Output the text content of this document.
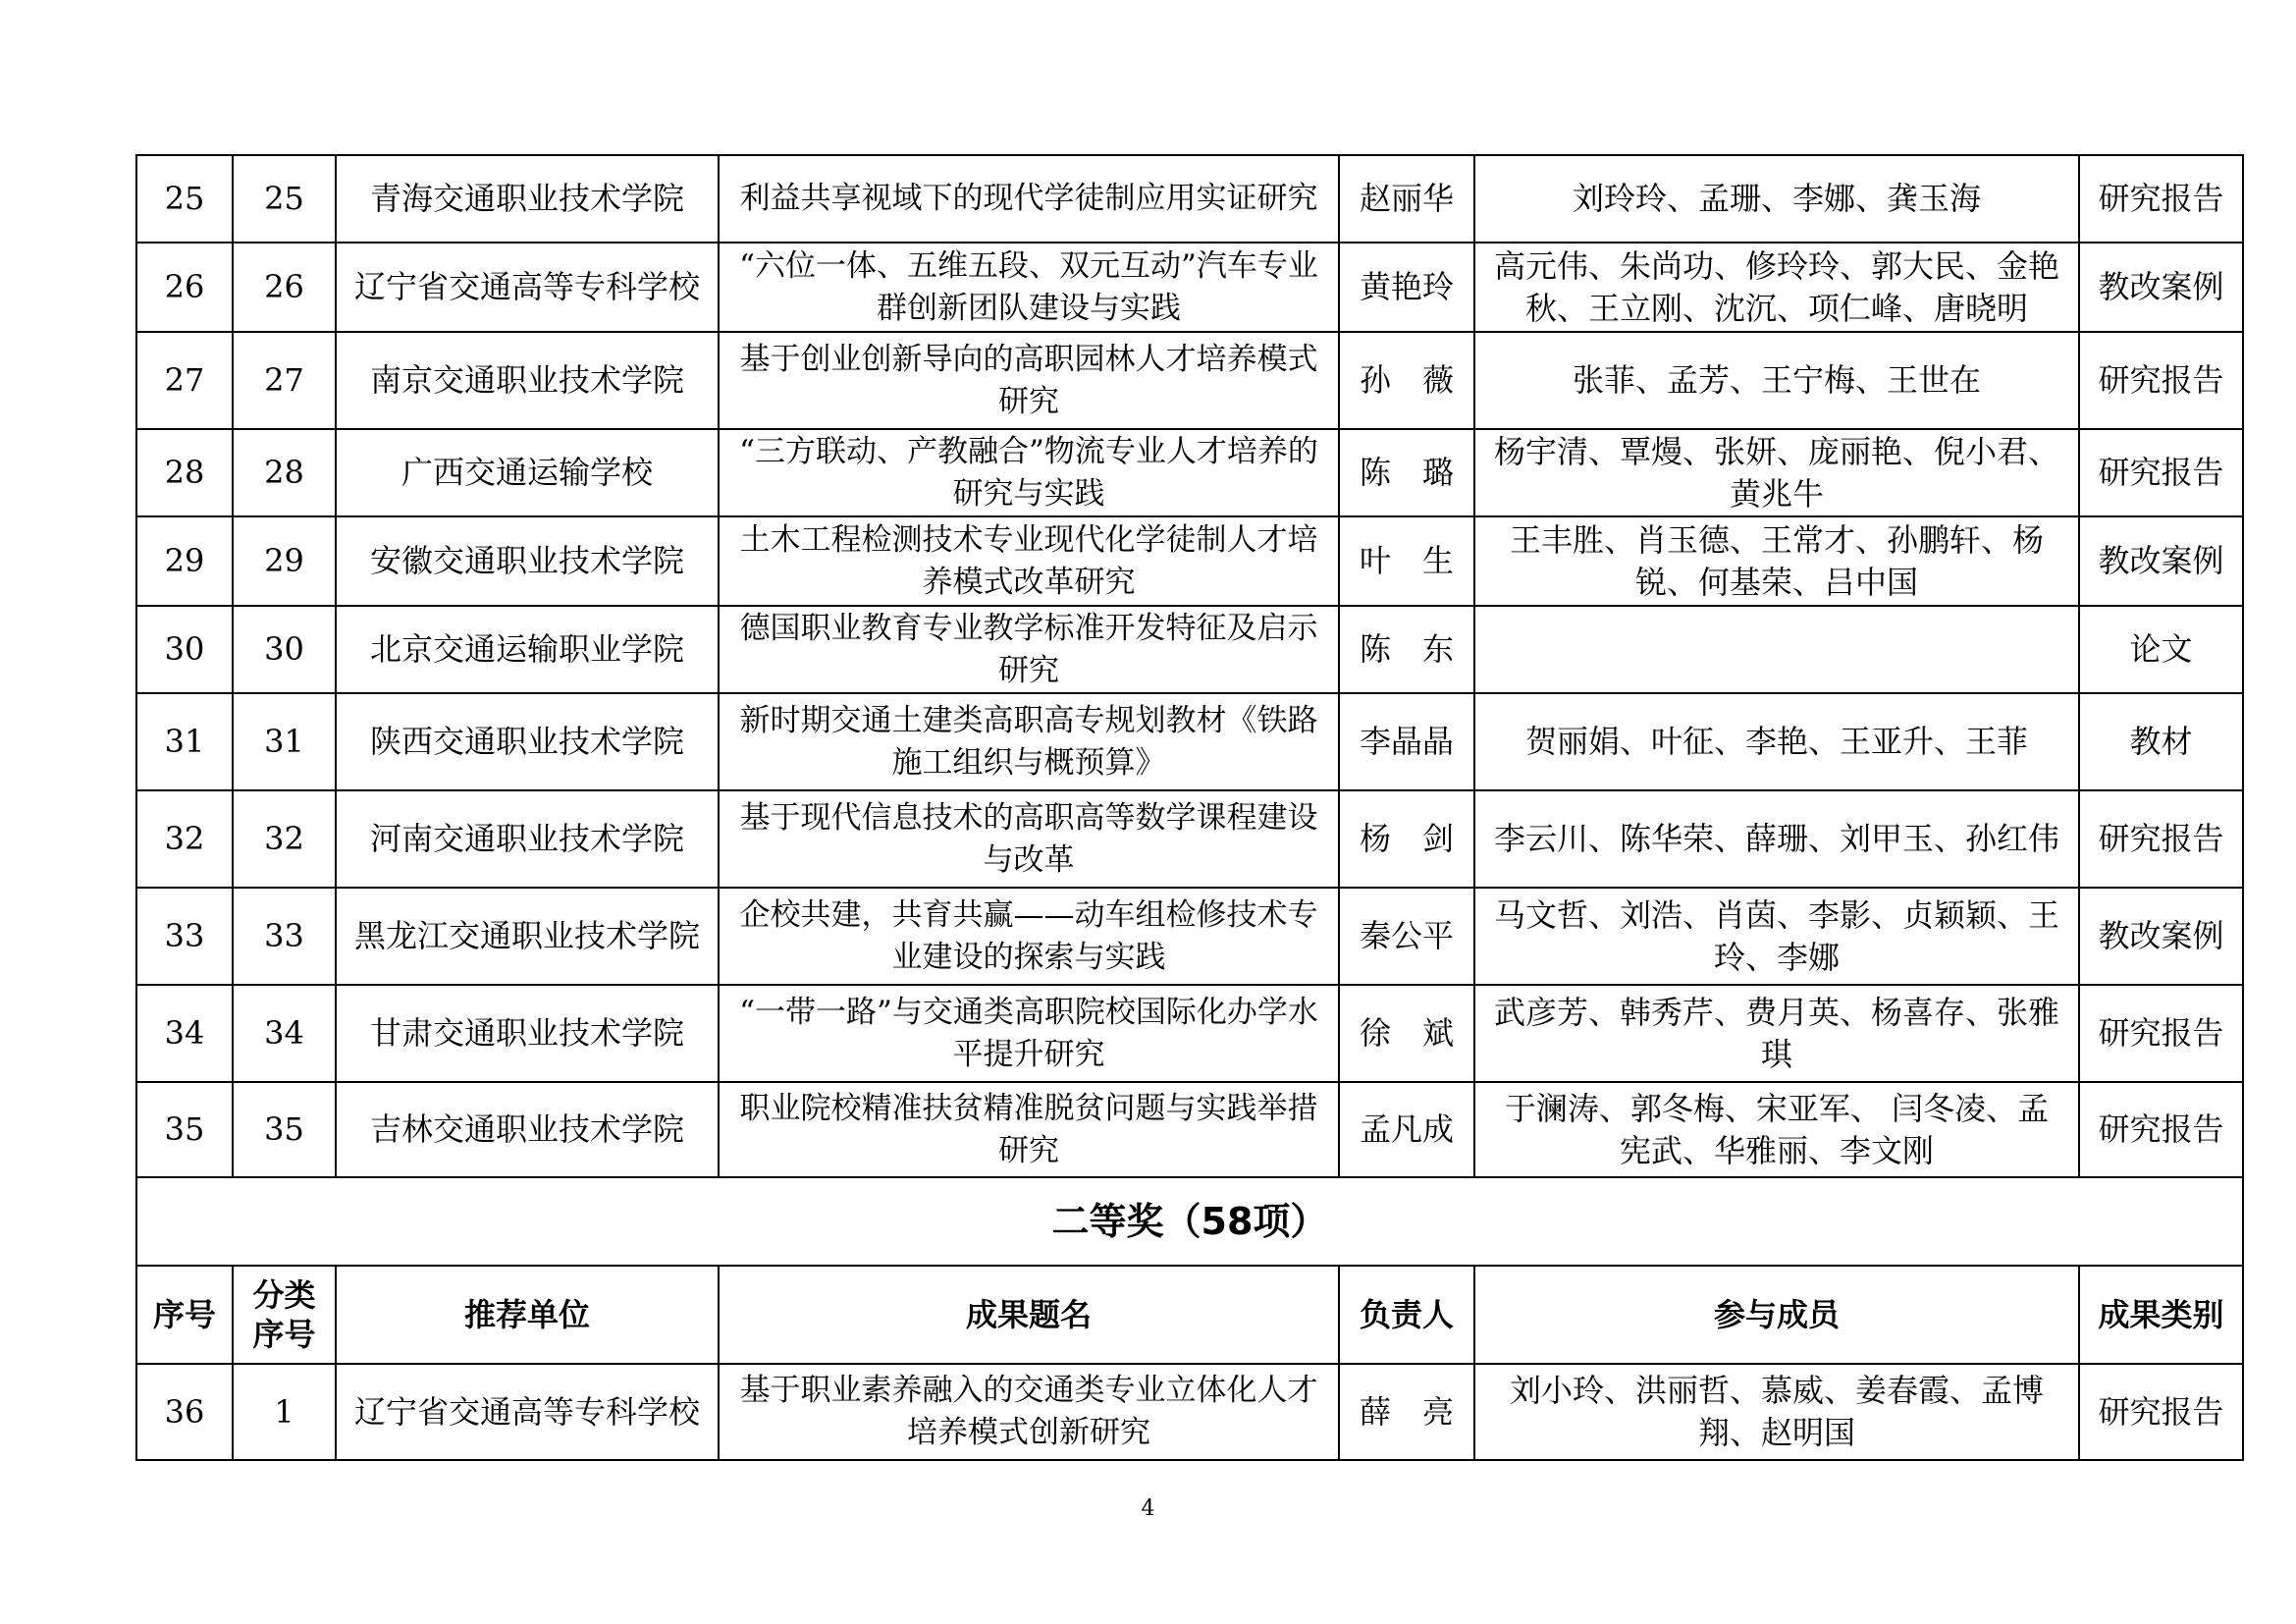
25	25	青海交通职业技术学院	利益共享视域下的现代学徒制应用实证研究	赵丽华	刘玲玲、孟珊、李娜、龚玉海	研究报告
26	26	辽宁省交通高等专科学校	“六位一体、五维五段、双元互动”汽车专业群创新团队建设与实践	黄艳玲	高元伟、朱尚功、修玲玲、郭大民、金艳秋、王立刚、沈沉、项仁峰、唐晓明	教改案例
27	27	南京交通职业技术学院	基于创业创新导向的高职园林人才培养模式研究	孙　薇	张菲、孟芳、王宁梅、王世在	研究报告
28	28	广西交通运输学校	“三方联动、产教融合”物流专业人才培养的研究与实践	陈　璐	杨宇清、覃熳、张妍、庞丽艳、倪小君、黄兆牛	研究报告
29	29	安徽交通职业技术学院	土木工程检测技术专业现代化学徒制人才培养模式改革研究	叶　生	王丰胜、肖玉德、王常才、孙鹏轩、杨锐、何基荣、吕中国	教改案例
30	30	北京交通运输职业学院	德国职业教育专业教学标准开发特征及启示研究	陈　东		论文
31	31	陕西交通职业技术学院	新时期交通土建类高职高专规划教材《铁路施工组织与概预算》	李晶晶	贺丽娟、叶征、李艳、王亚升、王菲	教材
32	32	河南交通职业技术学院	基于现代信息技术的高职高等数学课程建设与改革	杨　剑	李云川、陈华荣、薛珊、刘甲玉、孙红伟	研究报告
33	33	黑龙江交通职业技术学院	企校共建，共育共赢——动车组检修技术专业建设的探索与实践	秦公平	马文哲、刘浩、肖茵、李影、贞颖颖、王玲、李娜	教改案例
34	34	甘肃交通职业技术学院	“一带一路”与交通类高职院校国际化办学水平提升研究	徐　斌	武彦芳、韩秀芹、费月英、杨喜存、张雅琪	研究报告
35	35	吉林交通职业技术学院	职业院校精准扶贫精准脱贫问题与实践举措研究	孟凡成	于澜涛、郭冬梅、宋亚军、 闫冬凌、孟宪武、华雅丽、李文刚	研究报告
二等奖（58项）						
序号	分类序号	推荐单位	成果题名	负责人	参与成员	成果类别
36	1	辽宁省交通高等专科学校	基于职业素养融入的交通类专业立体化人才培养模式创新研究	薛　亮	刘小玲、洪丽哲、慕威、姜春霞、孟博翔、赵明国	研究报告
4
